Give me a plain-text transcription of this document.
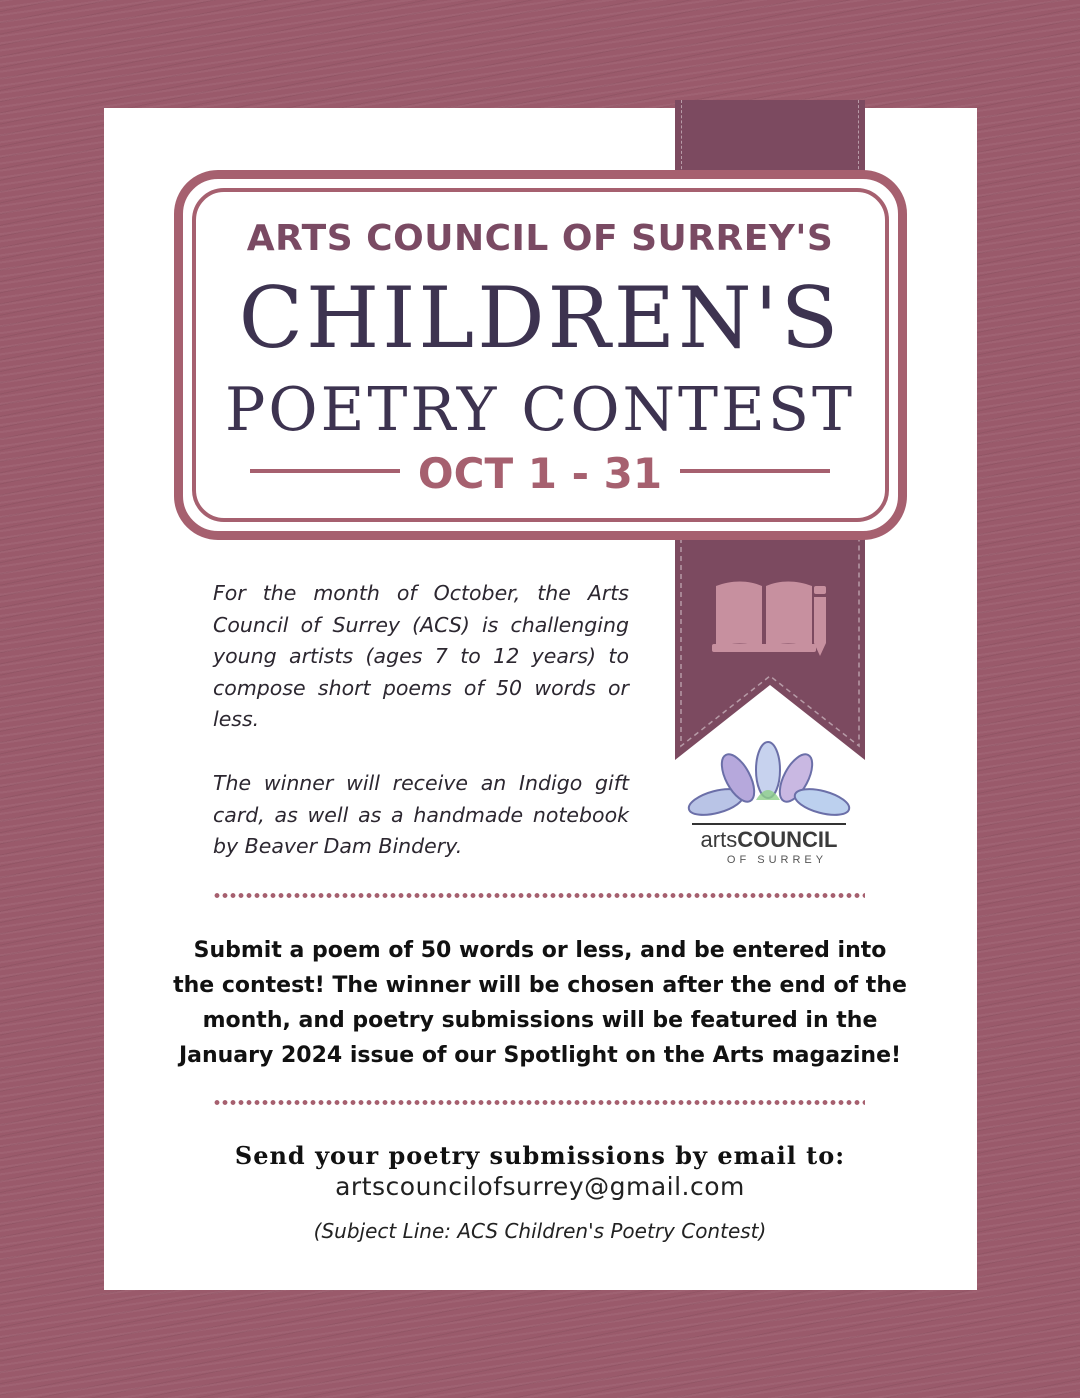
ARTS COUNCIL OF SURREY'S
CHILDREN'S
POETRY CONTEST
OCT 1 - 31

For the month of October, the Arts Council of Surrey (ACS) is challenging young artists (ages 7 to 12 years) to compose short poems of 50 words or less.

The winner will receive an Indigo gift card, as well as a handmade notebook by Beaver Dam Bindery.	artsCOUNCIL
OF SURREY

Submit a poem of 50 words or less, and be entered into the contest! The winner will be chosen after the end of the month, and poetry submissions will be featured in the January 2024 issue of our Spotlight on the Arts magazine!

Send your poetry submissions by email to:
artscouncilofsurrey@gmail.com
(Subject Line: ACS Children's Poetry Contest)
